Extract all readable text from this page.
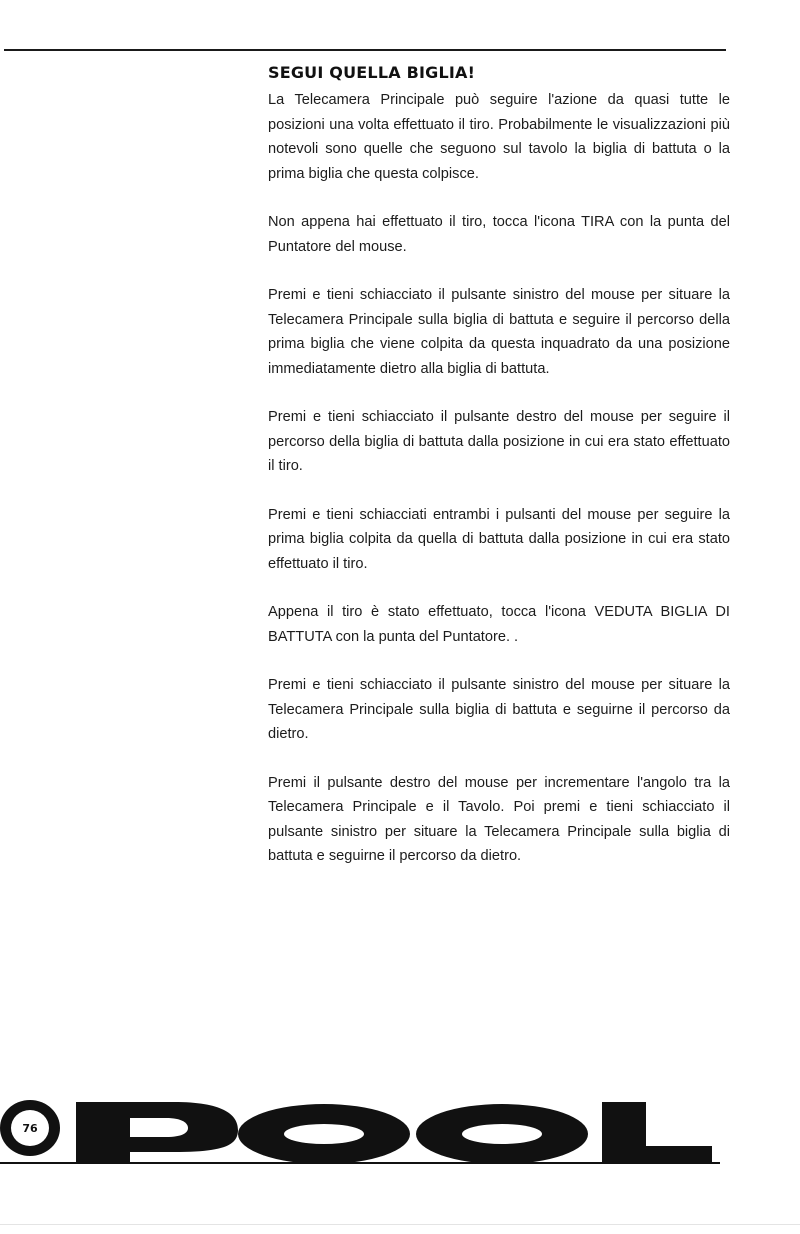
SEGUI QUELLA BIGLIA!

La Telecamera Principale può seguire l'azione da quasi tutte le posizioni una volta effettuato il tiro. Probabilmente le visualizzazioni più notevoli sono quelle che seguono sul tavolo la biglia di battuta o la prima biglia che questa colpisce.

Non appena hai effettuato il tiro, tocca l'icona TIRA con la punta del Puntatore del mouse.

Premi e tieni schiacciato il pulsante sinistro del mouse per situare la Telecamera Principale sulla biglia di battuta e seguire il percorso della prima biglia che viene colpita da questa inquadrato da una posizione immediatamente dietro alla biglia di battuta.

Premi e tieni schiacciato il pulsante destro del mouse per seguire il percorso della biglia di battuta dalla posizione in cui era stato effettuato il tiro.

Premi e tieni schiacciati entrambi i pulsanti del mouse per seguire la prima biglia colpita da quella di battuta dalla posizione in cui era stato effettuato il tiro.

Appena il tiro è stato effettuato, tocca l'icona VEDUTA BIGLIA DI BATTUTA con la punta del Puntatore. .

Premi e tieni schiacciato il pulsante sinistro del mouse per situare la Telecamera Principale sulla biglia di battuta e seguirne il percorso da dietro.

Premi il pulsante destro del mouse per incrementare l'angolo tra la Telecamera Principale e il Tavolo. Poi premi e tieni schiacciato il pulsante sinistro per situare la Telecamera Principale sulla biglia di battuta e seguirne il percorso da dietro.

76
